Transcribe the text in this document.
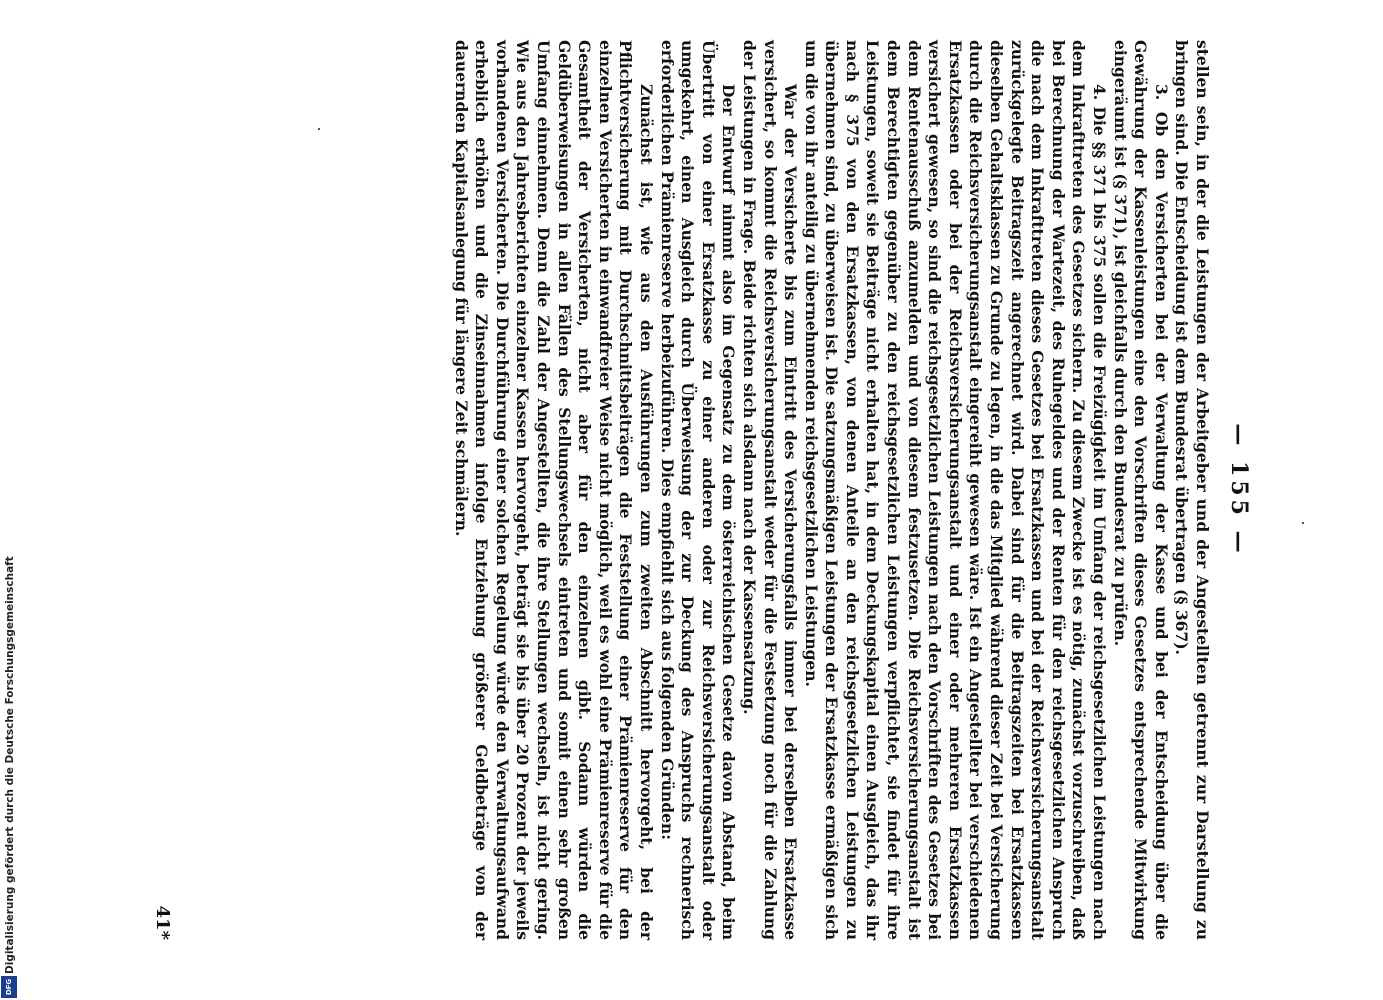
Digitalisierung gefördert durch die Deutsche Forschungsgemeinschaft
DFG
— 155 —

stellen sein, in der die Leistungen der Arbeitgeber und der Angestellten getrennt zur Darstellung zu bringen sind. Die Entscheidung ist dem Bundesrat übertragen (§ 367).

3. Ob den Versicherten bei der Verwaltung der Kasse und bei der Entscheidung über die Gewährung der Kassenleistungen eine den Vorschriften dieses Gesetzes entsprechende Mitwirkung eingeräumt ist (§ 371), ist gleichfalls durch den Bundesrat zu prüfen.

4. Die §§ 371 bis 375 sollen die Freizügigkeit im Umfang der reichsgesetzlichen Leistungen nach dem Inkrafttreten des Gesetzes sichern. Zu diesem Zwecke ist es nötig, zunächst vorzuschreiben, daß bei Berechnung der Wartezeit, des Ruhegeldes und der Renten für den reichsgesetzlichen Anspruch die nach dem Inkrafttreten dieses Gesetzes bei Ersatzkassen und bei der Reichsversicherungsanstalt zurückgelegte Beitragszeit angerechnet wird. Dabei sind für die Beitragszeiten bei Ersatzkassen dieselben Gehaltsklassen zu Grunde zu legen, in die das Mitglied während dieser Zeit bei Versicherung durch die Reichsversicherungsanstalt eingereiht gewesen wäre. Ist ein Angestellter bei verschiedenen Ersatzkassen oder bei der Reichsversicherungsanstalt und einer oder mehreren Ersatzkassen versichert gewesen, so sind die reichsgesetzlichen Leistungen nach den Vorschriften des Gesetzes bei dem Rentenausschuß anzumelden und von diesem festzusetzen. Die Reichsversicherungsanstalt ist dem Berechtigten gegenüber zu den reichsgesetzlichen Leistungen verpflichtet, sie findet für ihre Leistungen, soweit sie Beiträge nicht erhalten hat, in dem Deckungskapital einen Ausgleich, das ihr nach § 375 von den Ersatzkassen, von denen Anteile an den reichsgesetzlichen Leistungen zu übernehmen sind, zu überweisen ist. Die satzungsmäßigen Leistungen der Ersatzkasse ermäßigen sich um die von ihr anteilig zu übernehmenden reichsgesetzlichen Leistungen.

War der Versicherte bis zum Eintritt des Versicherungsfalls immer bei derselben Ersatzkasse versichert, so kommt die Reichsversicherungsanstalt weder für die Festsetzung noch für die Zahlung der Leistungen in Frage. Beide richten sich alsdann nach der Kassensatzung.

Der Entwurf nimmt also im Gegensatz zu dem österreichischen Gesetze davon Abstand, beim Übertritt von einer Ersatzkasse zu einer anderen oder zur Reichsversicherungsanstalt oder umgekehrt, einen Ausgleich durch Überweisung der zur Deckung des Anspruchs rechnerisch erforderlichen Prämienreserve herbeizuführen. Dies empfiehlt sich aus folgenden Gründen:

Zunächst ist, wie aus den Ausführungen zum zweiten Abschnitt hervorgeht, bei der Pflichtversicherung mit Durchschnittsbeiträgen die Feststellung einer Prämienreserve für den einzelnen Versicherten in einwandfreier Weise nicht möglich, weil es wohl eine Prämienreserve für die Gesamtheit der Versicherten, nicht aber für den einzelnen gibt. Sodann würden die Geldüberweisungen in allen Fällen des Stellungswechsels eintreten und somit einen sehr großen Umfang einnehmen. Denn die Zahl der Angestellten, die ihre Stellungen wechseln, ist nicht gering. Wie aus den Jahresberichten einzelner Kassen hervorgeht, beträgt sie bis über 20 Prozent der jeweils vorhandenen Versicherten. Die Durchführung einer solchen Regelung würde den Verwaltungsaufwand erheblich erhöhen und die Zinseinnahmen infolge Entziehung größerer Geldbeträge von der dauernden Kapitalsanlegung für längere Zeit schmälern.

41*
